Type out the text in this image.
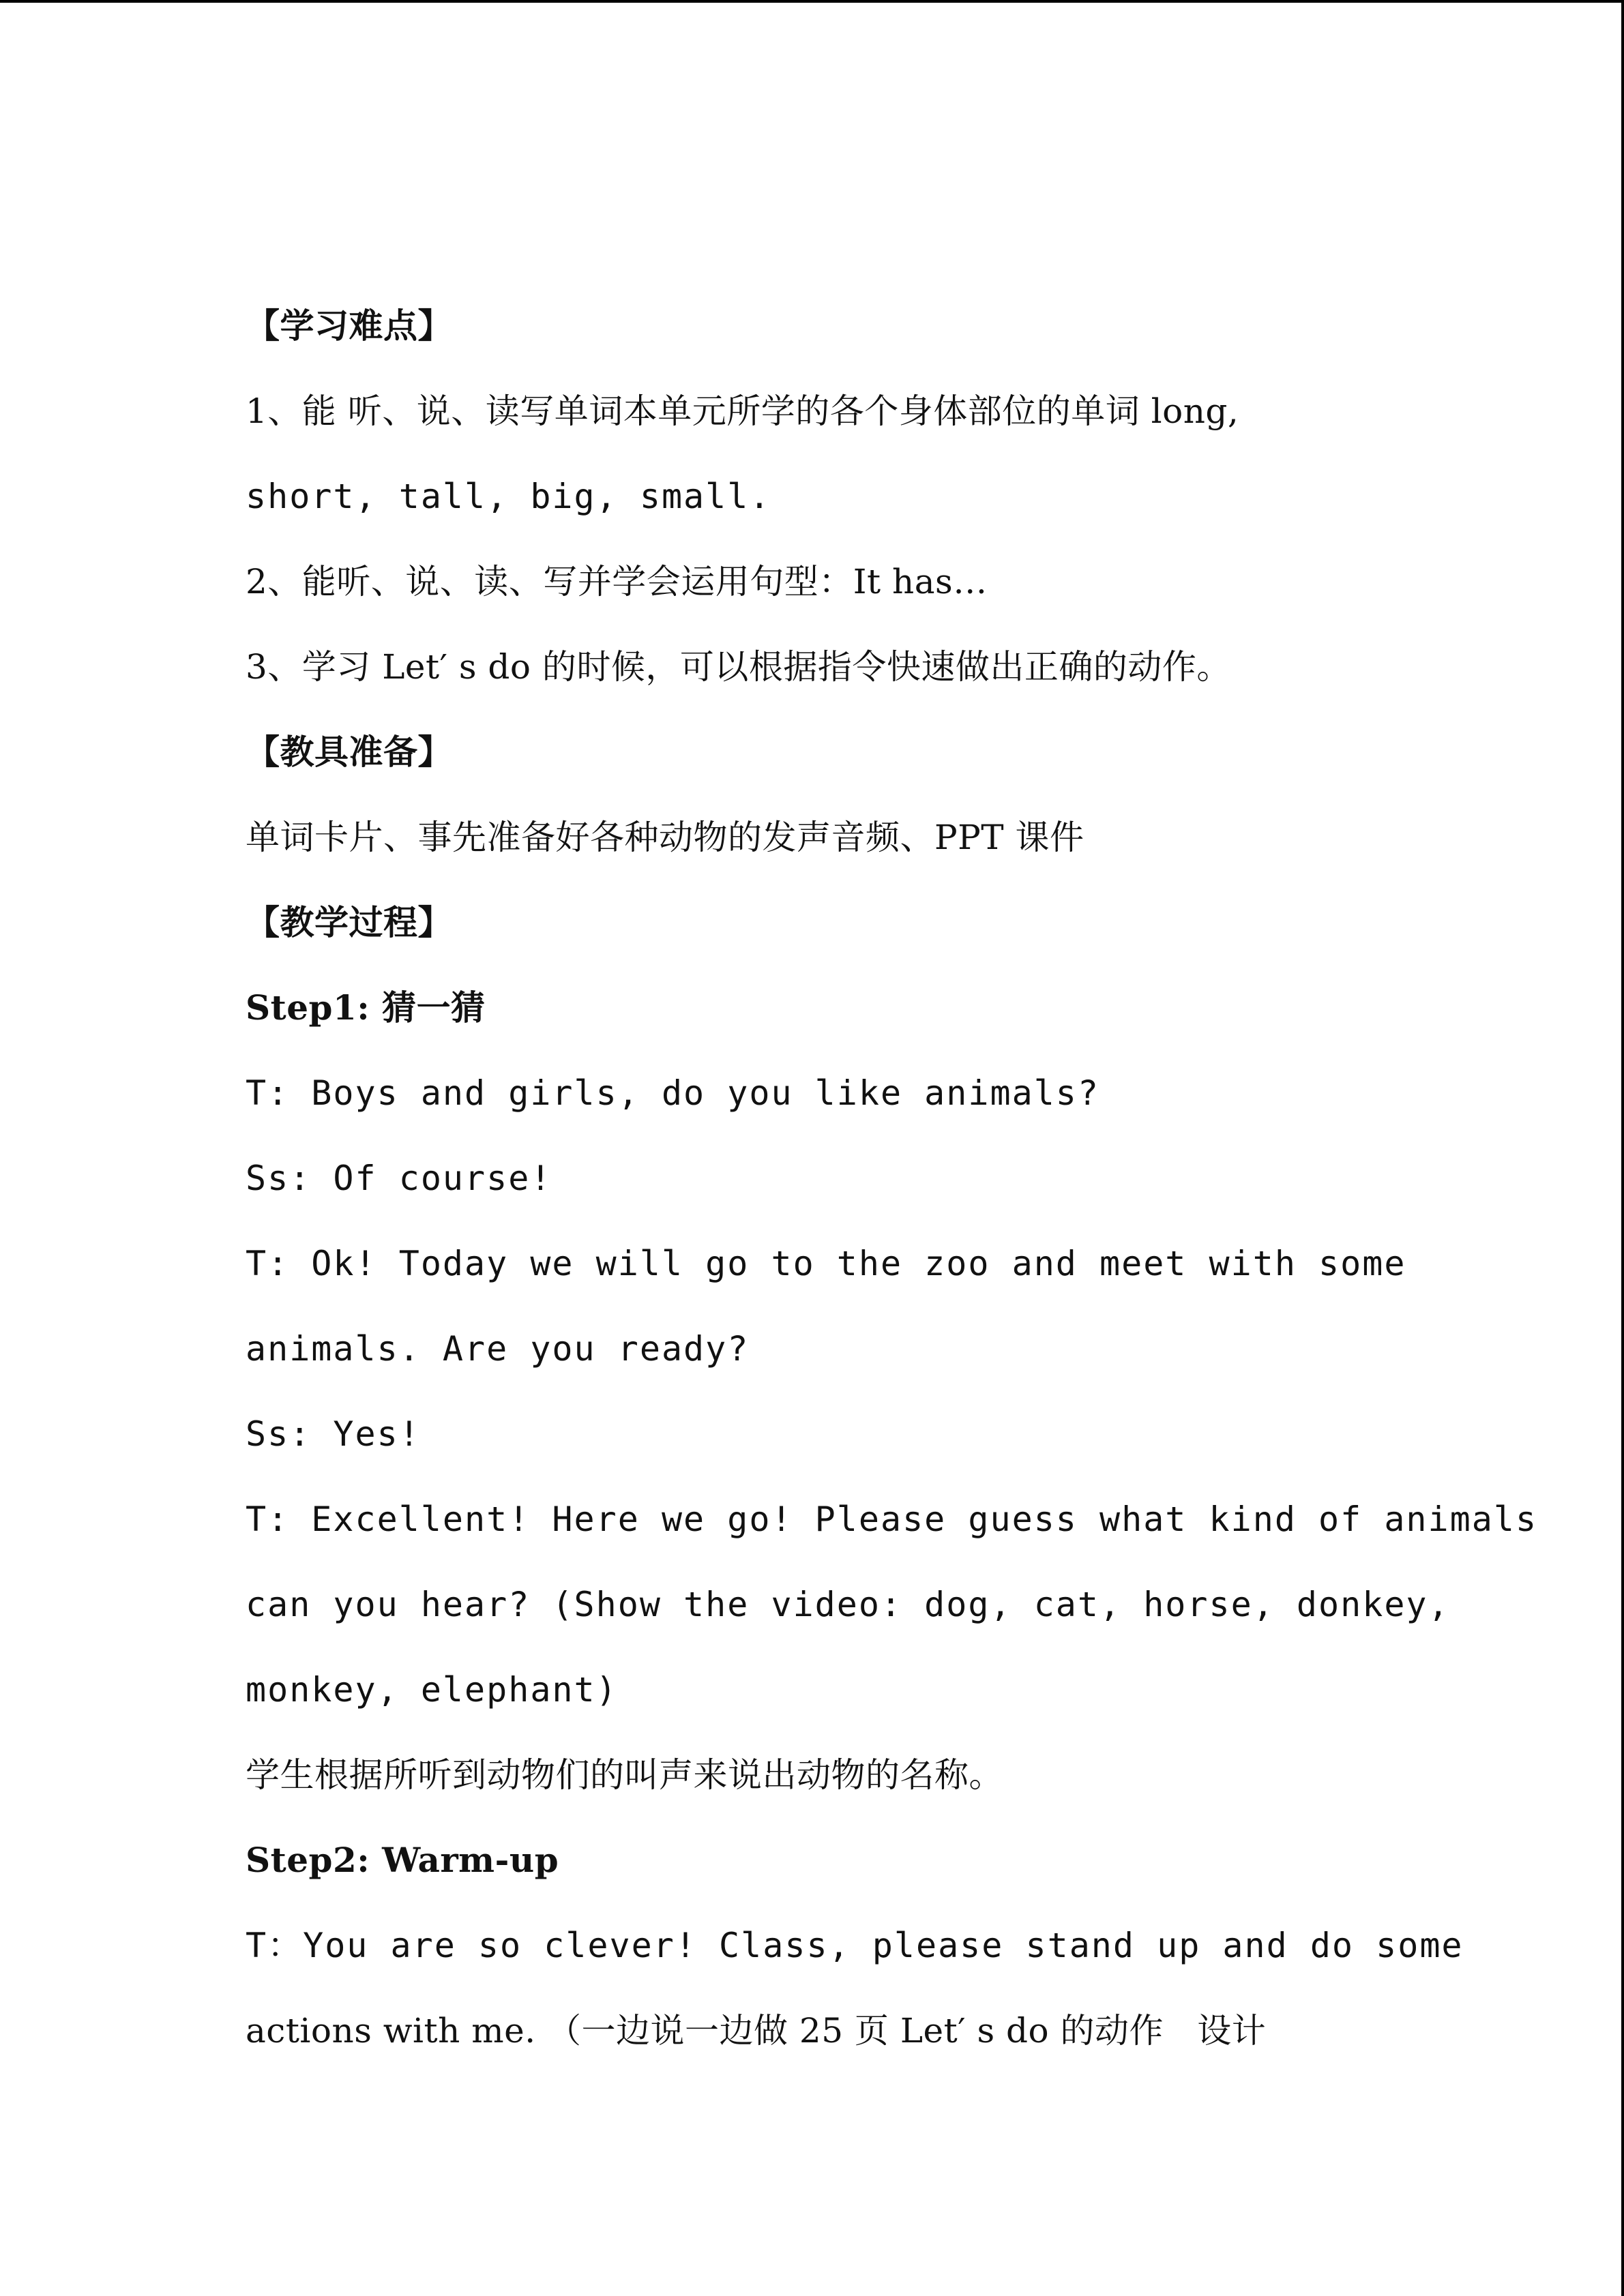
【学习难点】
1、能 听、说、读写单词本单元所学的各个身体部位的单词 long,
short, tall, big, small.
2、能听、说、读、写并学会运用句型：It has…
3、学习 Let′ s do 的时候，可以根据指令快速做出正确的动作。
【教具准备】
单词卡片、事先准备好各种动物的发声音频、PPT 课件
【教学过程】
Step1: 猜一猜
T: Boys and girls, do you like animals?
Ss: Of course!
T: Ok! Today we will go to the zoo and meet with some
animals. Are you ready?
Ss: Yes!
T: Excellent! Here we go! Please guess what kind of animals
can you hear? (Show the video: dog, cat, horse, donkey,
monkey, elephant)
学生根据所听到动物们的叫声来说出动物的名称。
Step2: Warm-up
T：You are so clever! Class, please stand up and do some
actions with me. （一边说一边做 25 页 Let′ s do 的动作   设计
